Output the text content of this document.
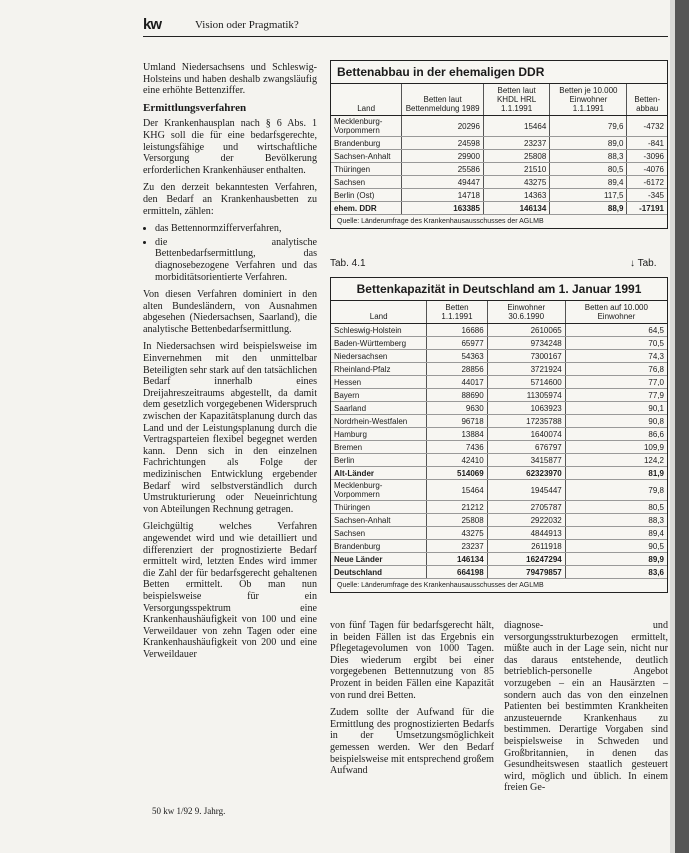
kw	Vision oder Pragmatik?

Umland Niedersachsens und Schleswig-Holsteins und haben deshalb zwangsläufig eine erhöhte Bettenziffer.

Ermittlungsverfahren

Der Krankenhausplan nach § 6 Abs. 1 KHG soll die für eine bedarfsgerechte, leistungsfähige und wirtschaftliche Versorgung der Bevölkerung erforderlichen Krankenhäuser enthalten.

Zu den derzeit bekanntesten Verfahren, den Bedarf an Krankenhausbetten zu ermitteln, zählen:

• das Bettennormzifferverfahren,
• die analytische Bettenbedarfsermittlung, das diagnosebezogene Verfahren und das morbiditätsorientierte Verfahren.

Von diesen Verfahren dominiert in den alten Bundesländern, von Ausnahmen abgesehen (Niedersachsen, Saarland), die analytische Bettenbedarfsermittlung.

In Niedersachsen wird beispielsweise im Einvernehmen mit den unmittelbar Beteiligten sehr stark auf den tatsächlichen Bedarf innerhalb eines Dreijahreszeitraums abgestellt, da damit dem gesetzlich vorgegebenen Widerspruch zwischen der Kapazitätsplanung durch das Land und der Leistungsplanung durch die Vertragsparteien flexibel begegnet werden kann. Denn sich in den einzelnen Fachrichtungen als Folge der medizinischen Entwicklung ergebender Bedarf wird selbstverständlich durch Umstrukturierung oder Neueinrichtung von Abteilungen Rechnung getragen.

Gleichgültig welches Verfahren angewendet wird und wie detailliert und differenziert der prognostizierte Bedarf ermittelt wird, letzten Endes wird immer die Zahl der für bedarfsgerecht gehaltenen Betten ermittelt. Ob man nun beispielsweise für ein Versorgungsspektrum eine Krankenhaushäufigkeit von 100 und eine Verweildauer von zehn Tagen oder eine Krankenhaushäufigkeit von 200 und eine Verweildauer

Bettenabbau in der ehemaligen DDR
Land	Betten laut Bettenmeldung 1989	Betten laut KHDL HRL 1.1.1991	Betten je 10.000 Einwohner 1.1.1991	Betten-abbau
Mecklenburg-Vorpommern	20296	15464	79,6	-4732
Brandenburg	24598	23237	89,0	-841
Sachsen-Anhalt	29900	25808	88,3	-3096
Thüringen	25586	21510	80,5	-4076
Sachsen	49447	43275	89,4	-6172
Berlin (Ost)	14718	14363	117,5	-345
ehem. DDR	163385	146134	88,9	-17191
Quelle: Länderumfrage des Krankenhausausschusses der AGLMB
Tab. 4.1	↓ Tab.
Bettenkapazität in Deutschland am 1. Januar 1991
Land	Betten 1.1.1991	Einwohner 30.6.1990	Betten auf 10.000 Einwohner
Schleswig-Holstein	16686	2610065	64,5
Baden-Württemberg	65977	9734248	70,5
Niedersachsen	54363	7300167	74,3
Rheinland-Pfalz	28856	3721924	76,8
Hessen	44017	5714600	77,0
Bayern	88690	11305974	77,9
Saarland	9630	1063923	90,1
Nordrhein-Westfalen	96718	17235788	90,8
Hamburg	13884	1640074	86,6
Bremen	7436	676797	109,9
Berlin	42410	3415877	124,2
Alt-Länder	514069	62323970	81,9
Mecklenburg-Vorpommern	15464	1945447	79,8
Thüringen	21212	2705787	80,5
Sachsen-Anhalt	25808	2922032	88,3
Sachsen	43275	4844913	89,4
Brandenburg	23237	2611918	90,5
Neue Länder	146134	16247294	89,9
Deutschland	664198	79479857	83,6
Quelle: Länderumfrage des Krankenhausausschusses der AGLMB

von fünf Tagen für bedarfsgerecht hält, in beiden Fällen ist das Ergebnis ein Pflegetagevolumen von 1000 Tagen. Dies wiederum ergibt bei einer vorgegebenen Bettennutzung von 85 Prozent in beiden Fällen eine Kapazität von rund drei Betten.

Zudem sollte der Aufwand für die Ermittlung des prognostizierten Bedarfs in der Umsetzungsmöglichkeit gemessen werden. Wer den Bedarf beispielsweise mit entsprechend großem Aufwand

diagnose- und versorgungsstrukturbezogen ermittelt, müßte auch in der Lage sein, nicht nur das daraus entstehende, deutlich betrieblich-personelle Angebot vorzugeben – ein an Hausärzten – sondern auch das von den einzelnen Patienten bei bestimmten Krankheiten anzusteuernde Krankenhaus zu bestimmen. Derartige Vorgaben sind beispielsweise in Schweden und Großbritannien, in denen das Gesundheitswesen staatlich gesteuert wird, möglich und üblich. In einem freien Ge-

50 kw 1/92 9. Jahrg.
